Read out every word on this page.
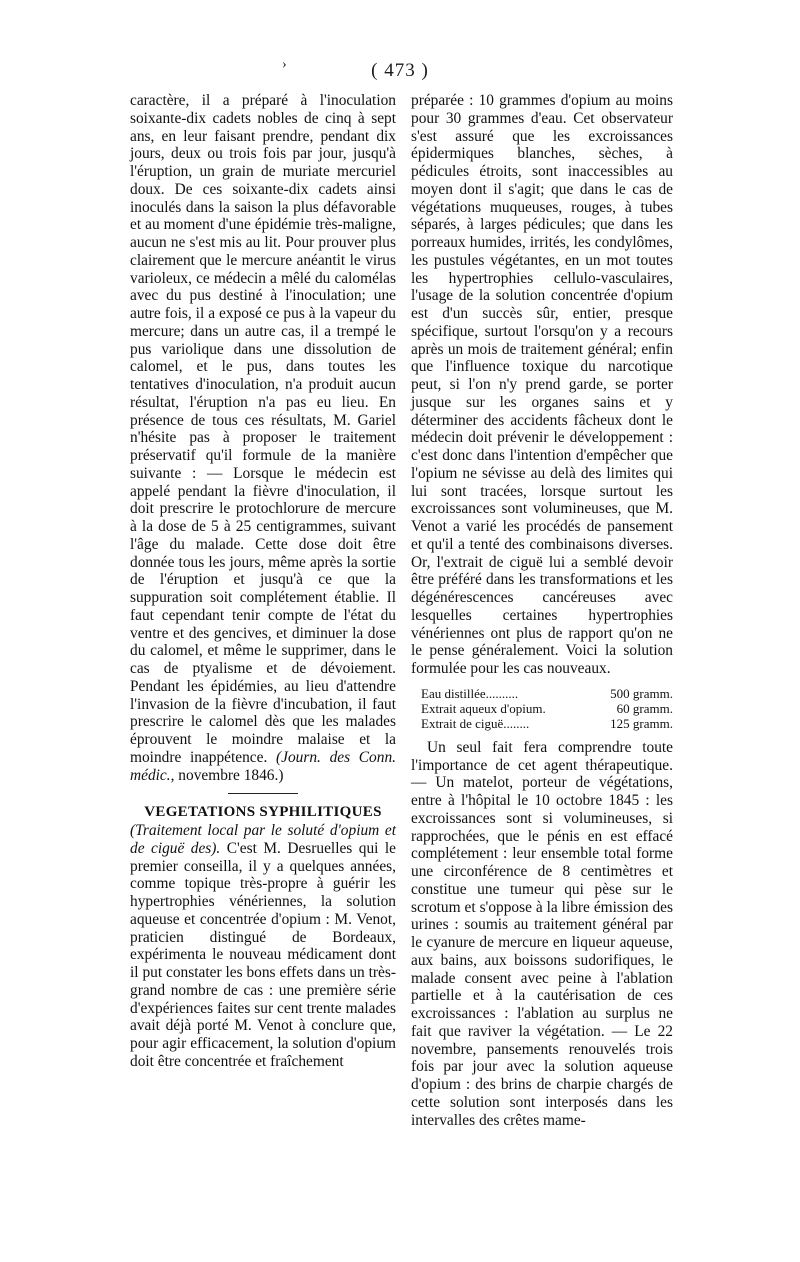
›	( 473 )

caractère, il a préparé à l'inoculation soixante-dix cadets nobles de cinq à sept ans, en leur faisant prendre, pendant dix jours, deux ou trois fois par jour, jusqu'à l'éruption, un grain de muriate mercuriel doux. De ces soixante-dix cadets ainsi inoculés dans la saison la plus défavorable et au moment d'une épidémie très-maligne, aucun ne s'est mis au lit. Pour prouver plus clairement que le mercure anéantit le virus varioleux, ce médecin a mêlé du calomélas avec du pus destiné à l'inoculation; une autre fois, il a exposé ce pus à la vapeur du mercure; dans un autre cas, il a trempé le pus variolique dans une dissolution de calomel, et le pus, dans toutes les tentatives d'inoculation, n'a produit aucun résultat, l'éruption n'a pas eu lieu. En présence de tous ces résultats, M. Gariel n'hésite pas à proposer le traitement préservatif qu'il formule de la manière suivante : — Lorsque le médecin est appelé pendant la fièvre d'inoculation, il doit prescrire le protochlorure de mercure à la dose de 5 à 25 centigrammes, suivant l'âge du malade. Cette dose doit être donnée tous les jours, même après la sortie de l'éruption et jusqu'à ce que la suppuration soit complétement établie. Il faut cependant tenir compte de l'état du ventre et des gencives, et diminuer la dose du calomel, et même le supprimer, dans le cas de ptyalisme et de dévoiement. Pendant les épidémies, au lieu d'attendre l'invasion de la fièvre d'incubation, il faut prescrire le calomel dès que les malades éprouvent le moindre malaise et la moindre inappétence. (Journ. des Conn. médic., novembre 1846.)

VEGETATIONS SYPHILITIQUES

(Traitement local par le soluté d'opium et de ciguë des). C'est M. Desruelles qui le premier conseilla, il y a quelques années, comme topique très-propre à guérir les hypertrophies vénériennes, la solution aqueuse et concentrée d'opium : M. Venot, praticien distingué de Bordeaux, expérimenta le nouveau médicament dont il put constater les bons effets dans un très-grand nombre de cas : une première série d'expériences faites sur cent trente malades avait déjà porté M. Venot à conclure que, pour agir efficacement, la solution d'opium doit être concentrée et fraîchement

préparée : 10 grammes d'opium au moins pour 30 grammes d'eau. Cet observateur s'est assuré que les excroissances épidermiques blanches, sèches, à pédicules étroits, sont inaccessibles au moyen dont il s'agit; que dans le cas de végétations muqueuses, rouges, à tubes séparés, à larges pédicules; que dans les porreaux humides, irrités, les condylômes, les pustules végétantes, en un mot toutes les hypertrophies cellulo-vasculaires, l'usage de la solution concentrée d'opium est d'un succès sûr, entier, presque spécifique, surtout l'orsqu'on y a recours après un mois de traitement général; enfin que l'influence toxique du narcotique peut, si l'on n'y prend garde, se porter jusque sur les organes sains et y déterminer des accidents fâcheux dont le médecin doit prévenir le développement : c'est donc dans l'intention d'empêcher que l'opium ne sévisse au delà des limites qui lui sont tracées, lorsque surtout les excroissances sont volumineuses, que M. Venot a varié les procédés de pansement et qu'il a tenté des combinaisons diverses. Or, l'extrait de ciguë lui a semblé devoir être préféré dans les transformations et les dégénérescences cancéreuses avec lesquelles certaines hypertrophies vénériennes ont plus de rapport qu'on ne le pense généralement. Voici la solution formulée pour les cas nouveaux.

Eau distillée..........	500 gramm.
Extrait aqueux d'opium.	60 gramm.
Extrait de ciguë........	125 gramm.

Un seul fait fera comprendre toute l'importance de cet agent thérapeutique. — Un matelot, porteur de végétations, entre à l'hôpital le 10 octobre 1845 : les excroissances sont si volumineuses, si rapprochées, que le pénis en est effacé complétement : leur ensemble total forme une circonférence de 8 centimètres et constitue une tumeur qui pèse sur le scrotum et s'oppose à la libre émission des urines : soumis au traitement général par le cyanure de mercure en liqueur aqueuse, aux bains, aux boissons sudorifiques, le malade consent avec peine à l'ablation partielle et à la cautérisation de ces excroissances : l'ablation au surplus ne fait que raviver la végétation. — Le 22 novembre, pansements renouvelés trois fois par jour avec la solution aqueuse d'opium : des brins de charpie chargés de cette solution sont interposés dans les intervalles des crêtes mame-
